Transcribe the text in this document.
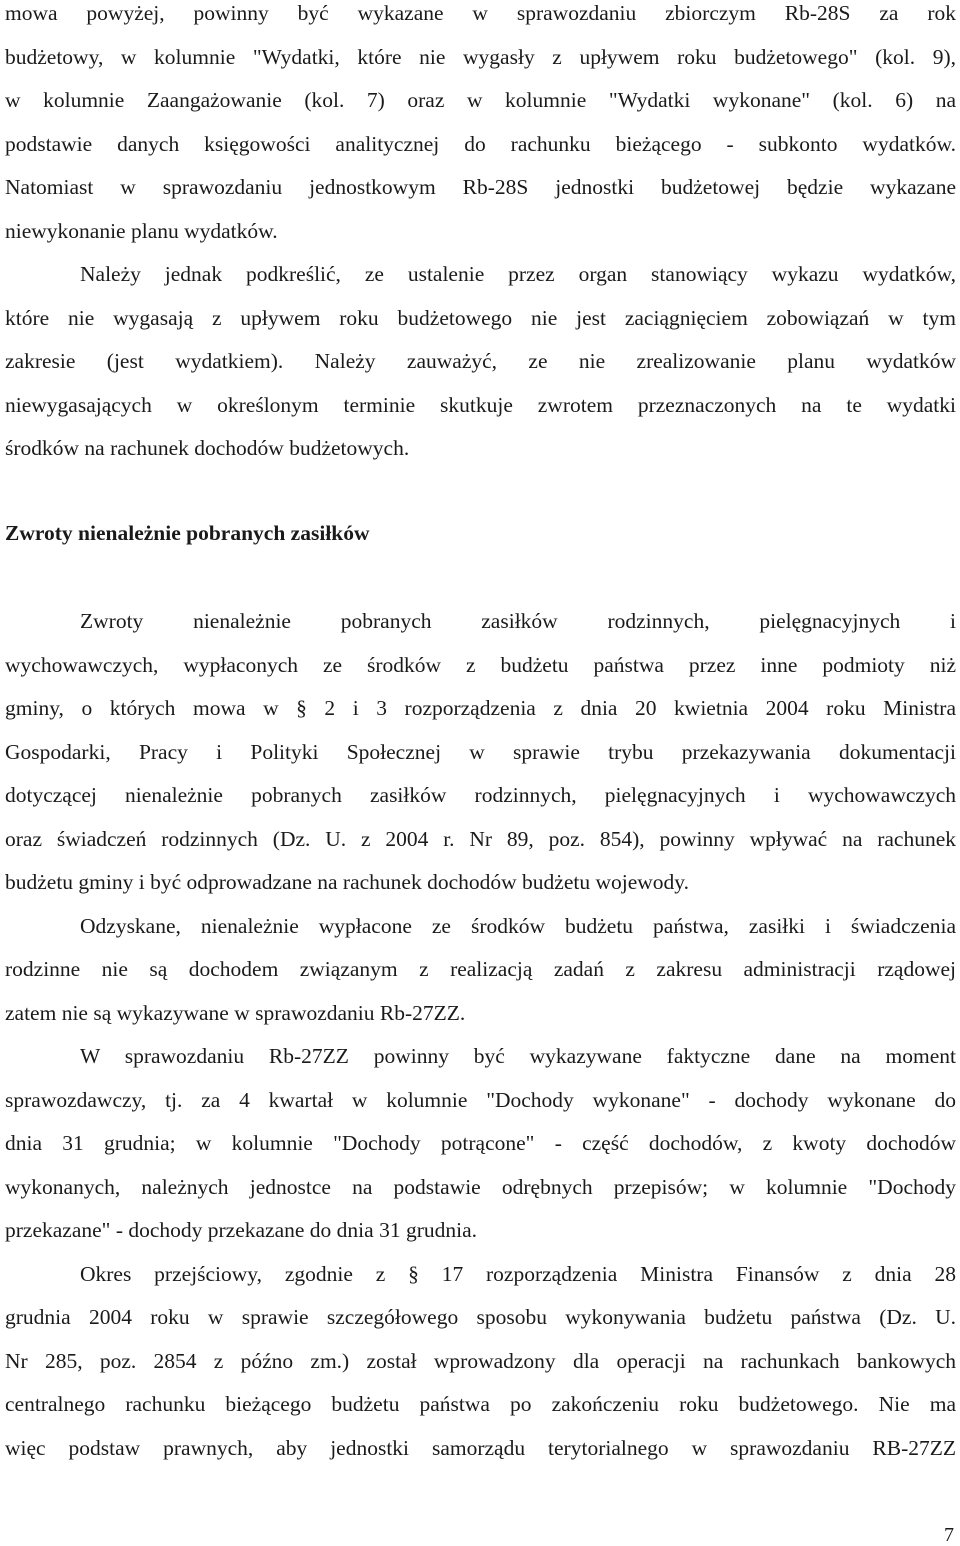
mowa powyżej, powinny być wykazane w sprawozdaniu zbiorczym Rb-28S za rok
budżetowy, w kolumnie "Wydatki, które nie wygasły z upływem roku budżetowego" (kol. 9),
w kolumnie Zaangażowanie (kol. 7) oraz w kolumnie "Wydatki wykonane" (kol. 6) na
podstawie danych księgowości analitycznej do rachunku bieżącego - subkonto wydatków.
Natomiast w sprawozdaniu jednostkowym Rb-28S jednostki budżetowej będzie wykazane
niewykonanie planu wydatków.
Należy jednak podkreślić, ze ustalenie przez organ stanowiący wykazu wydatków,
które nie wygasają z upływem roku budżetowego nie jest zaciągnięciem zobowiązań w tym
zakresie (jest wydatkiem). Należy zauważyć, ze nie zrealizowanie planu wydatków
niewygasających w określonym terminie skutkuje zwrotem przeznaczonych na te wydatki
środków na rachunek dochodów budżetowych.
Zwroty nienależnie pobranych zasiłków
Zwroty nienależnie pobranych zasiłków rodzinnych, pielęgnacyjnych i
wychowawczych, wypłaconych ze środków z budżetu państwa przez inne podmioty niż
gminy, o których mowa w § 2 i 3 rozporządzenia z dnia 20 kwietnia 2004 roku Ministra
Gospodarki, Pracy i Polityki Społecznej w sprawie trybu przekazywania dokumentacji
dotyczącej nienależnie pobranych zasiłków rodzinnych, pielęgnacyjnych i wychowawczych
oraz świadczeń rodzinnych (Dz. U. z 2004 r. Nr 89, poz. 854), powinny wpływać na rachunek
budżetu gminy i być odprowadzane na rachunek dochodów budżetu wojewody.
Odzyskane, nienależnie wypłacone ze środków budżetu państwa, zasiłki i świadczenia
rodzinne nie są dochodem związanym z realizacją zadań z zakresu administracji rządowej
zatem nie są wykazywane w sprawozdaniu Rb-27ZZ.
W sprawozdaniu Rb-27ZZ powinny być wykazywane faktyczne dane na moment
sprawozdawczy, tj. za 4 kwartał w kolumnie "Dochody wykonane" - dochody wykonane do
dnia 31 grudnia; w kolumnie "Dochody potrącone" - część dochodów, z kwoty dochodów
wykonanych, należnych jednostce na podstawie odrębnych przepisów; w kolumnie "Dochody
przekazane" - dochody przekazane do dnia 31 grudnia.
Okres przejściowy, zgodnie z § 17 rozporządzenia Ministra Finansów z dnia 28
grudnia 2004 roku w sprawie szczegółowego sposobu wykonywania budżetu państwa (Dz. U.
Nr 285, poz. 2854 z późno zm.) został wprowadzony dla operacji na rachunkach bankowych
centralnego rachunku bieżącego budżetu państwa po zakończeniu roku budżetowego. Nie ma
więc podstaw prawnych, aby jednostki samorządu terytorialnego w sprawozdaniu RB-27ZZ
7
